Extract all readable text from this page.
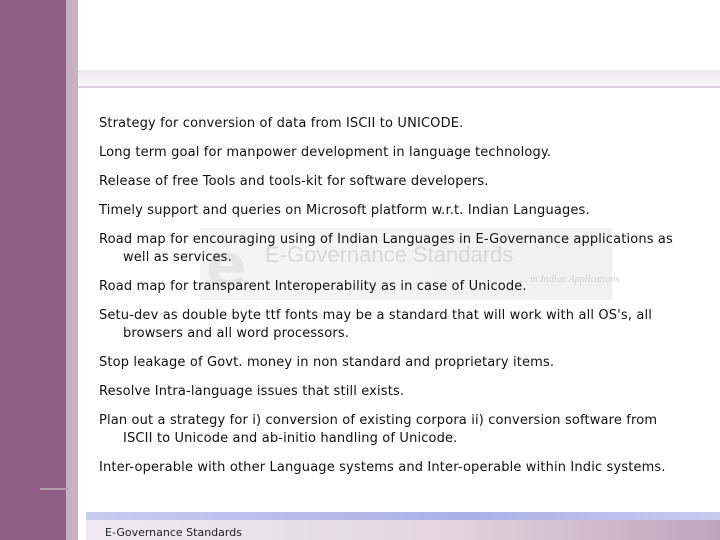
e E-Governance Standards
... in Indian Applications

Strategy for conversion of data from ISCII to UNICODE.

Long term goal for manpower development in language technology.

Release of free Tools and tools-kit for software developers.

Timely support and queries on Microsoft platform w.r.t. Indian Languages.

Road map for encouraging using of Indian Languages in E-Governance applications as well as services.

Road map for transparent Interoperability as in case of Unicode.

Setu-dev as double byte ttf fonts may be a standard that will work with all OS's, all browsers and all word processors.

Stop leakage of Govt. money in non standard and proprietary items.

Resolve Intra-language issues that still exists.

Plan out a strategy for i) conversion of existing corpora ii) conversion software from ISCII to Unicode and ab-initio handling of Unicode.

Inter-operable with other Language systems and Inter-operable within Indic systems.

E-Governance Standards
